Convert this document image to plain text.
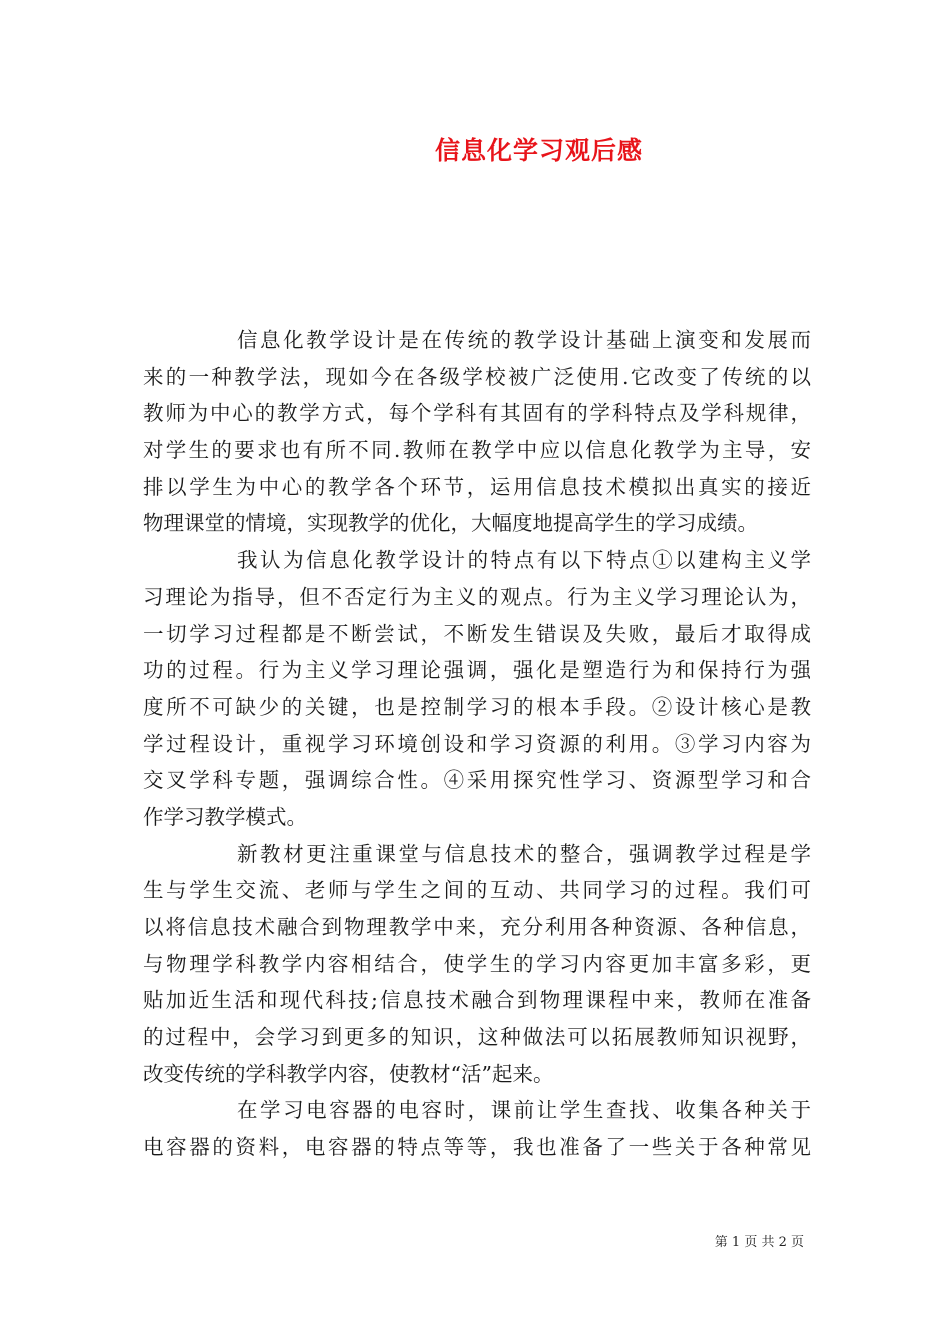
信息化学习观后感
信息化教学设计是在传统的教学设计基础上演变和发展而
来的一种教学法，现如今在各级学校被广泛使用.它改变了传统的以
教师为中心的教学方式，每个学科有其固有的学科特点及学科规律，
对学生的要求也有所不同.教师在教学中应以信息化教学为主导，安
排以学生为中心的教学各个环节，运用信息技术模拟出真实的接近
物理课堂的情境，实现教学的优化，大幅度地提高学生的学习成绩。
我认为信息化教学设计的特点有以下特点①以建构主义学
习理论为指导，但不否定行为主义的观点。行为主义学习理论认为，
一切学习过程都是不断尝试，不断发生错误及失败，最后才取得成
功的过程。行为主义学习理论强调，强化是塑造行为和保持行为强
度所不可缺少的关键，也是控制学习的根本手段。②设计核心是教
学过程设计，重视学习环境创设和学习资源的利用。③学习内容为
交叉学科专题，强调综合性。④采用探究性学习、资源型学习和合
作学习教学模式。
新教材更注重课堂与信息技术的整合，强调教学过程是学
生与学生交流、老师与学生之间的互动、共同学习的过程。我们可
以将信息技术融合到物理教学中来，充分利用各种资源、各种信息，
与物理学科教学内容相结合，使学生的学习内容更加丰富多彩，更
贴加近生活和现代科技;信息技术融合到物理课程中来，教师在准备
的过程中，会学习到更多的知识，这种做法可以拓展教师知识视野，
改变传统的学科教学内容，使教材“活”起来。
在学习电容器的电容时，课前让学生查找、收集各种关于
电容器的资料，电容器的特点等等，我也准备了一些关于各种常见
第 1 页 共 2 页
